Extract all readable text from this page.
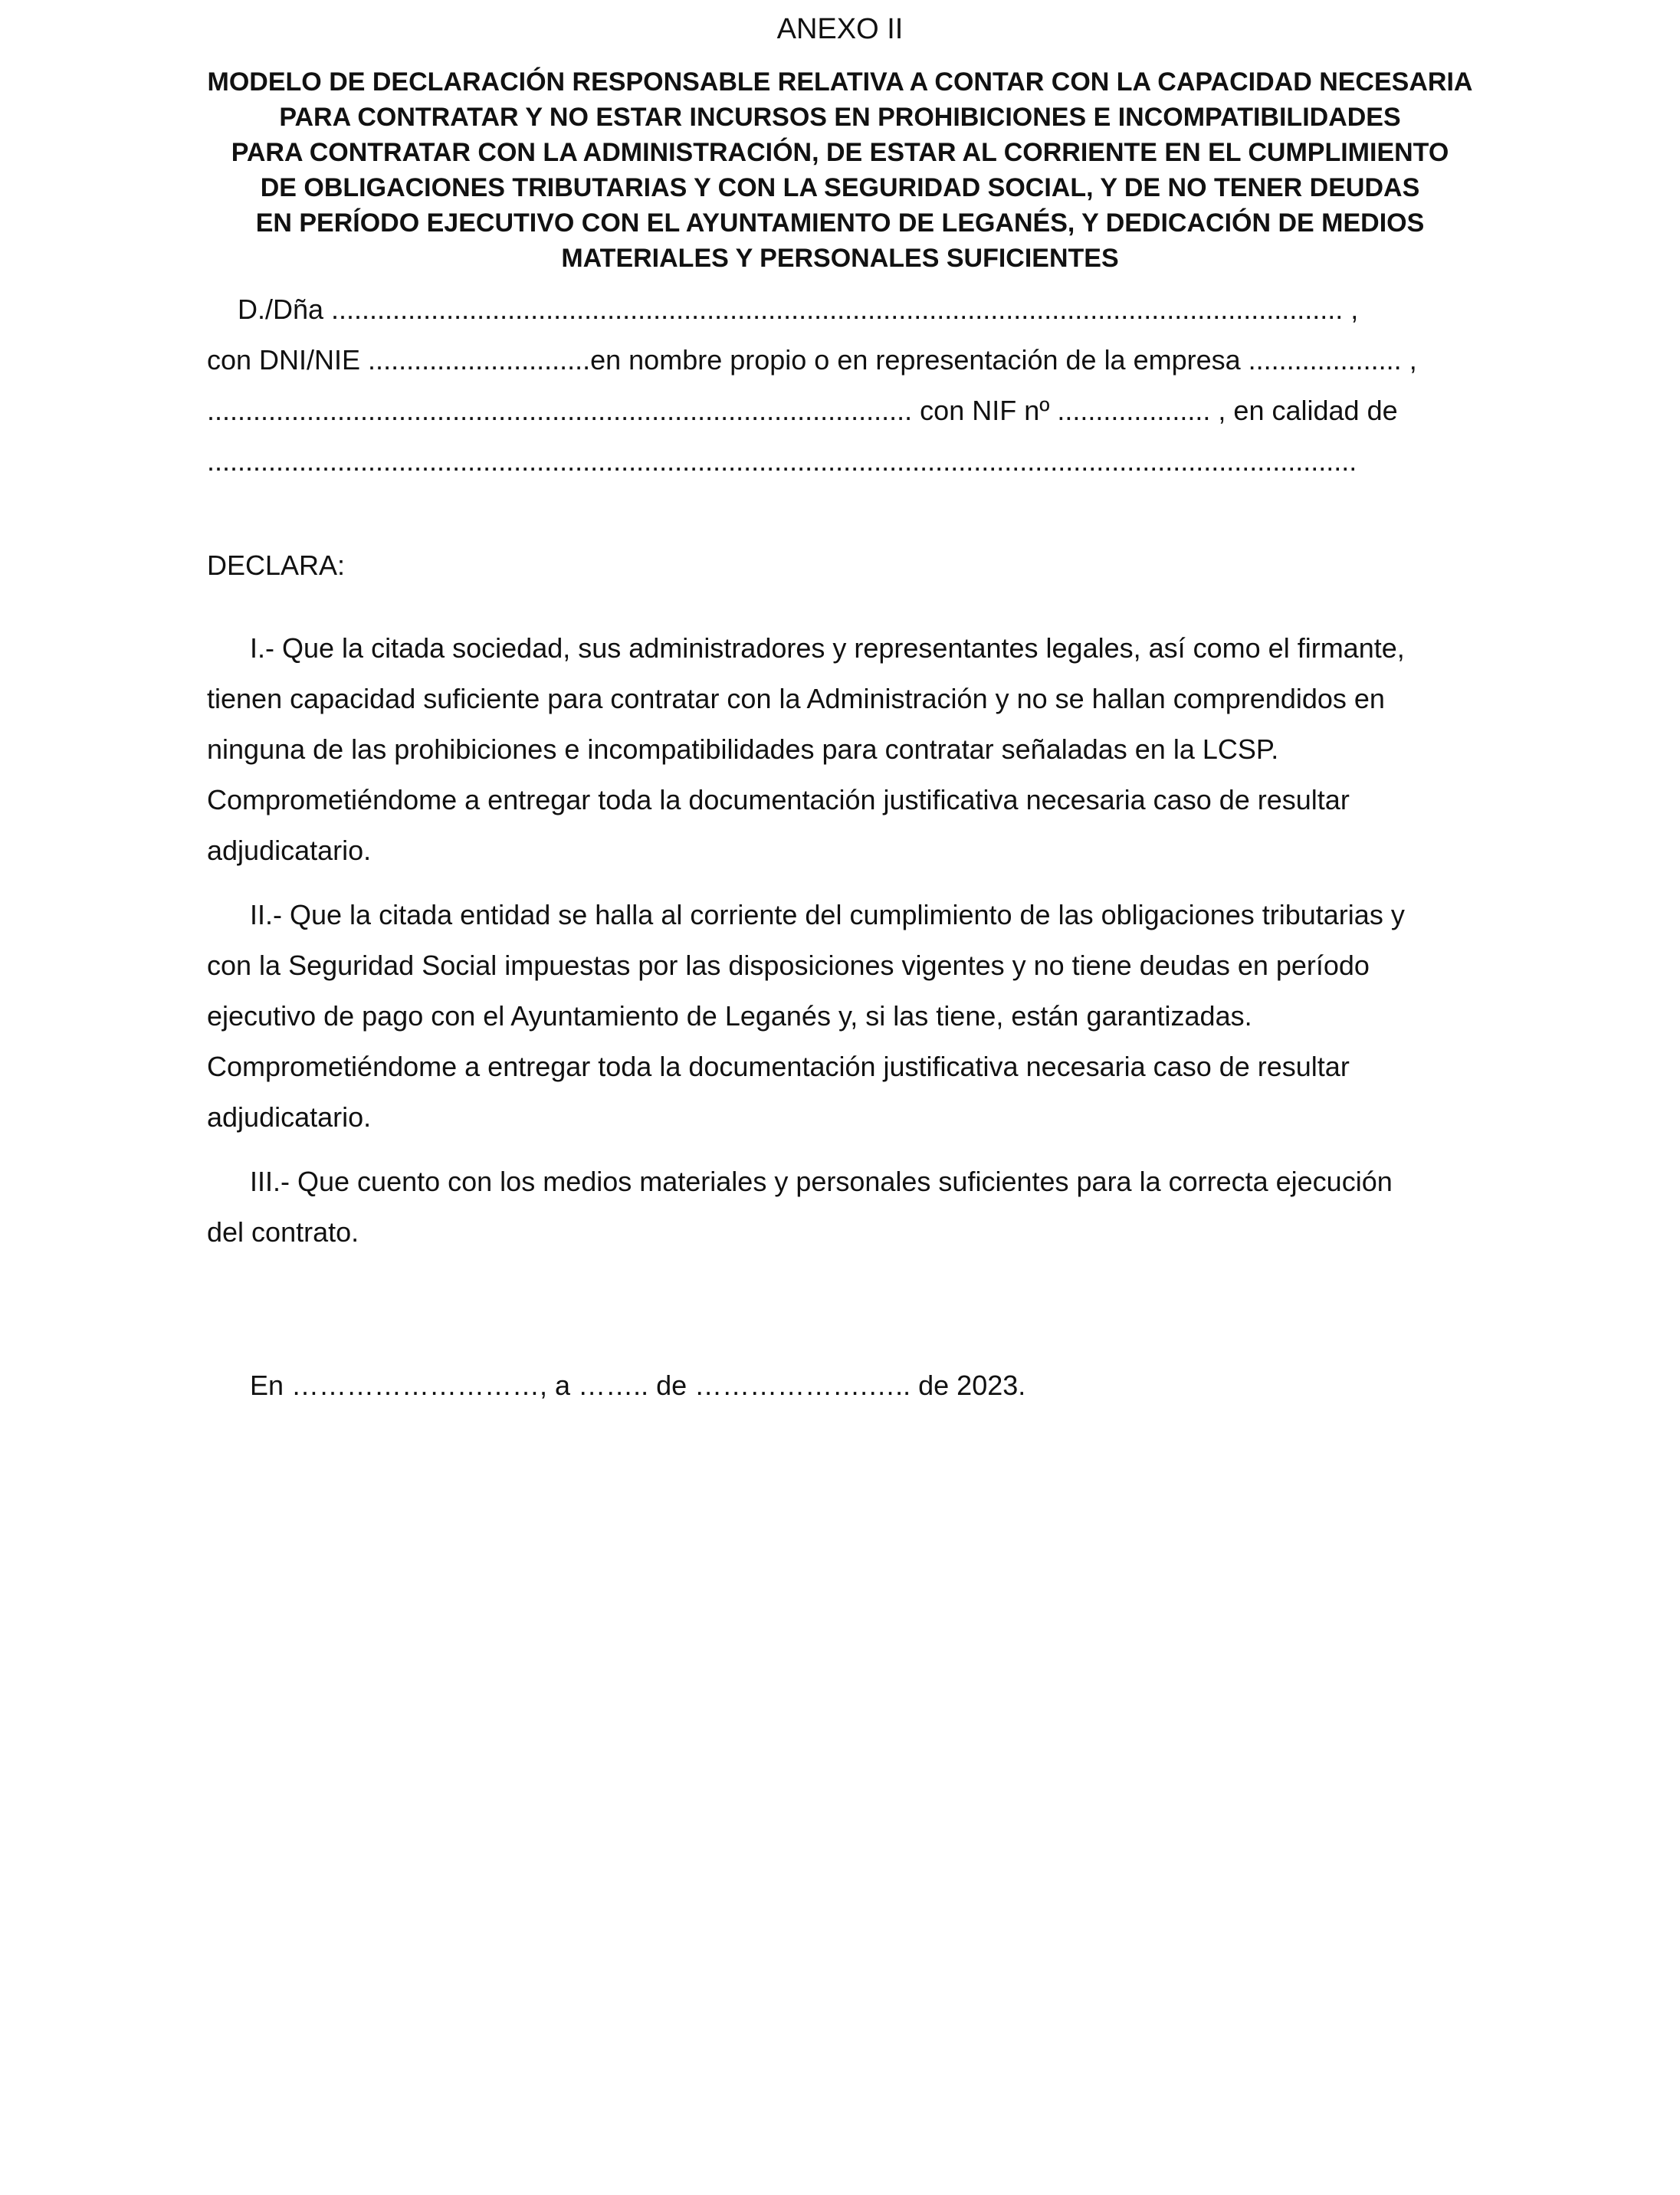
ANEXO II
MODELO DE DECLARACIÓN RESPONSABLE RELATIVA A CONTAR CON LA CAPACIDAD NECESARIA
PARA CONTRATAR Y NO ESTAR INCURSOS EN PROHIBICIONES E INCOMPATIBILIDADES
PARA CONTRATAR CON LA ADMINISTRACIÓN, DE ESTAR AL CORRIENTE EN EL CUMPLIMIENTO
DE OBLIGACIONES TRIBUTARIAS Y CON LA SEGURIDAD SOCIAL, Y DE NO TENER DEUDAS
EN PERÍODO EJECUTIVO CON EL AYUNTAMIENTO DE LEGANÉS, Y DEDICACIÓN DE MEDIOS
MATERIALES Y PERSONALES SUFICIENTES
D./Dña .................................................................................................................................... ,
con DNI/NIE .............................en nombre propio o en representación de la empresa .................... ,
............................................................................................ con NIF nº .................... , en calidad de
......................................................................................................................................................

DECLARA:

I.- Que la citada sociedad, sus administradores y representantes legales, así como el firmante,
tienen capacidad suficiente para contratar con la Administración y no se hallan comprendidos en
ninguna de las prohibiciones e incompatibilidades para contratar señaladas en la LCSP.
Comprometiéndome a entregar toda la documentación justificativa necesaria caso de resultar
adjudicatario.
II.- Que la citada entidad se halla al corriente del cumplimiento de las obligaciones tributarias y
con la Seguridad Social impuestas por las disposiciones vigentes y no tiene deudas en período
ejecutivo de pago con el Ayuntamiento de Leganés y, si las tiene, están garantizadas.
Comprometiéndome a entregar toda la documentación justificativa necesaria caso de resultar
adjudicatario.
III.- Que cuento con los medios materiales y personales suficientes para la correcta ejecución
del contrato.
En ………………………, a …….. de ……………….….. de 2023.
